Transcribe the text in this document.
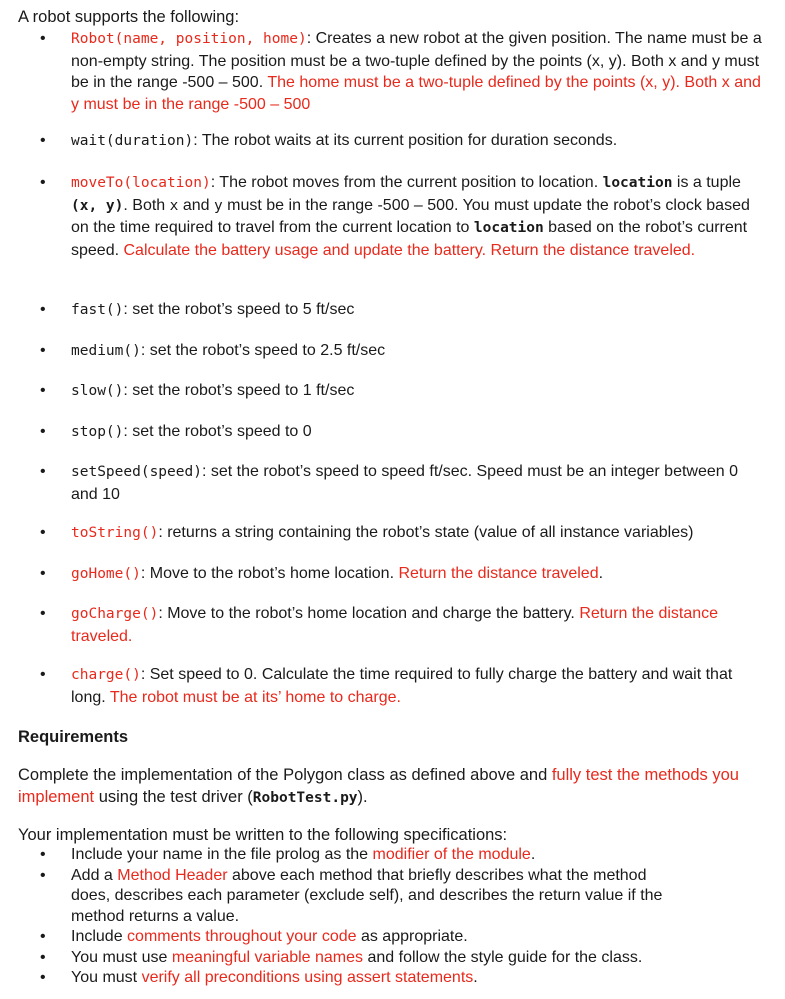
A robot supports the following:
• Robot(name, position, home): Creates a new robot at the given position. The name must be a non-empty string. The position must be a two-tuple defined by the points (x, y). Both x and y must be in the range -500 – 500. The home must be a two-tuple defined by the points (x, y). Both x and y must be in the range -500 – 500
• wait(duration): The robot waits at its current position for duration seconds.
• moveTo(location): The robot moves from the current position to location. location is a tuple (x, y). Both x and y must be in the range -500 – 500. You must update the robot’s clock based on the time required to travel from the current location to location based on the robot’s current speed. Calculate the battery usage and update the battery. Return the distance traveled.
• fast(): set the robot’s speed to 5 ft/sec
• medium(): set the robot’s speed to 2.5 ft/sec
• slow(): set the robot’s speed to 1 ft/sec
• stop(): set the robot’s speed to 0
• setSpeed(speed): set the robot’s speed to speed ft/sec. Speed must be an integer between 0 and 10
• toString(): returns a string containing the robot’s state (value of all instance variables)
• goHome(): Move to the robot’s home location. Return the distance traveled.
• goCharge(): Move to the robot’s home location and charge the battery. Return the distance traveled.
• charge(): Set speed to 0. Calculate the time required to fully charge the battery and wait that long. The robot must be at its’ home to charge.
Requirements
Complete the implementation of the Polygon class as defined above and fully test the methods you implement using the test driver (RobotTest.py).
Your implementation must be written to the following specifications:
• Include your name in the file prolog as the modifier of the module.
• Add a Method Header above each method that briefly describes what the method does, describes each parameter (exclude self), and describes the return value if the method returns a value.
• Include comments throughout your code as appropriate.
• You must use meaningful variable names and follow the style guide for the class.
• You must verify all preconditions using assert statements.
